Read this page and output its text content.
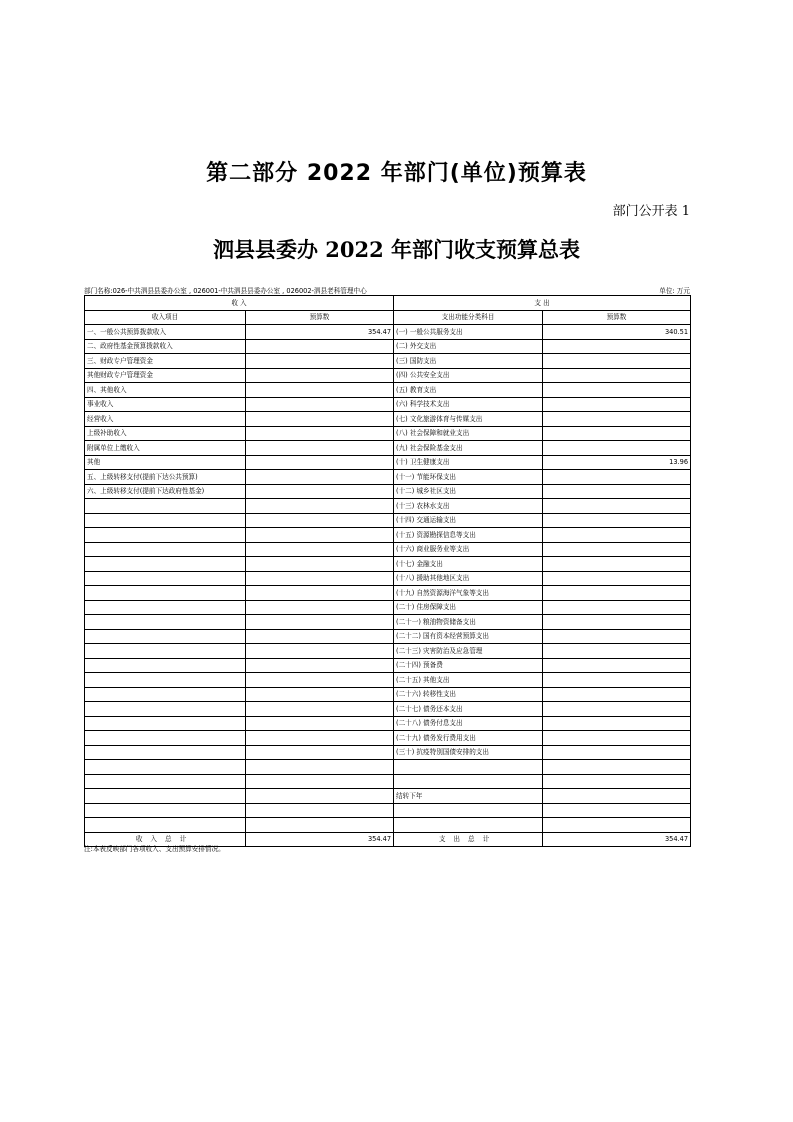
第二部分 2022 年部门(单位)预算表
部门公开表 1
泗县县委办 2022 年部门收支预算总表
部门名称:026-中共泗县县委办公室 , 026001-中共泗县县委办公室 , 026002-泗县老科管理中心	单位: 万元
收 入		支 出	
收入项目	预算数	支出功能分类科目	预算数
一、一般公共预算拨款收入	354.47	(一) 一般公共服务支出	340.51
二、政府性基金预算拨款收入		(二) 外交支出	
三、财政专户管理资金		(三) 国防支出	
其他财政专户管理资金		(四) 公共安全支出	
四、其他收入		(五) 教育支出	
事业收入		(六) 科学技术支出	
经营收入		(七) 文化旅游体育与传媒支出	
上级补助收入		(八) 社会保障和就业支出	
附属单位上缴收入		(九) 社会保险基金支出	
其他		(十) 卫生健康支出	13.96
五、上级转移支付(提前下达公共预算)		(十一) 节能环保支出	
六、上级转移支付(提前下达政府性基金)		(十二) 城乡社区支出	
		(十三) 农林水支出	
		(十四) 交通运输支出	
		(十五) 资源勘探信息等支出	
		(十六) 商业服务业等支出	
		(十七) 金融支出	
		(十八) 援助其他地区支出	
		(十九) 自然资源海洋气象等支出	
		(二十) 住房保障支出	
		(二十一) 粮油物资储备支出	
		(二十二) 国有资本经营预算支出	
		(二十三) 灾害防治及应急管理	
		(二十四) 预备费	
		(二十五) 其他支出	
		(二十六) 转移性支出	
		(二十七) 债务还本支出	
		(二十八) 债务付息支出	
		(二十九) 债务发行费用支出	
		(三十) 抗疫特别国债安排的支出	

		结转下年	

收入总计	354.47	支出总计	354.47
注:本表反映部门各项收入、支出预算安排情况。
